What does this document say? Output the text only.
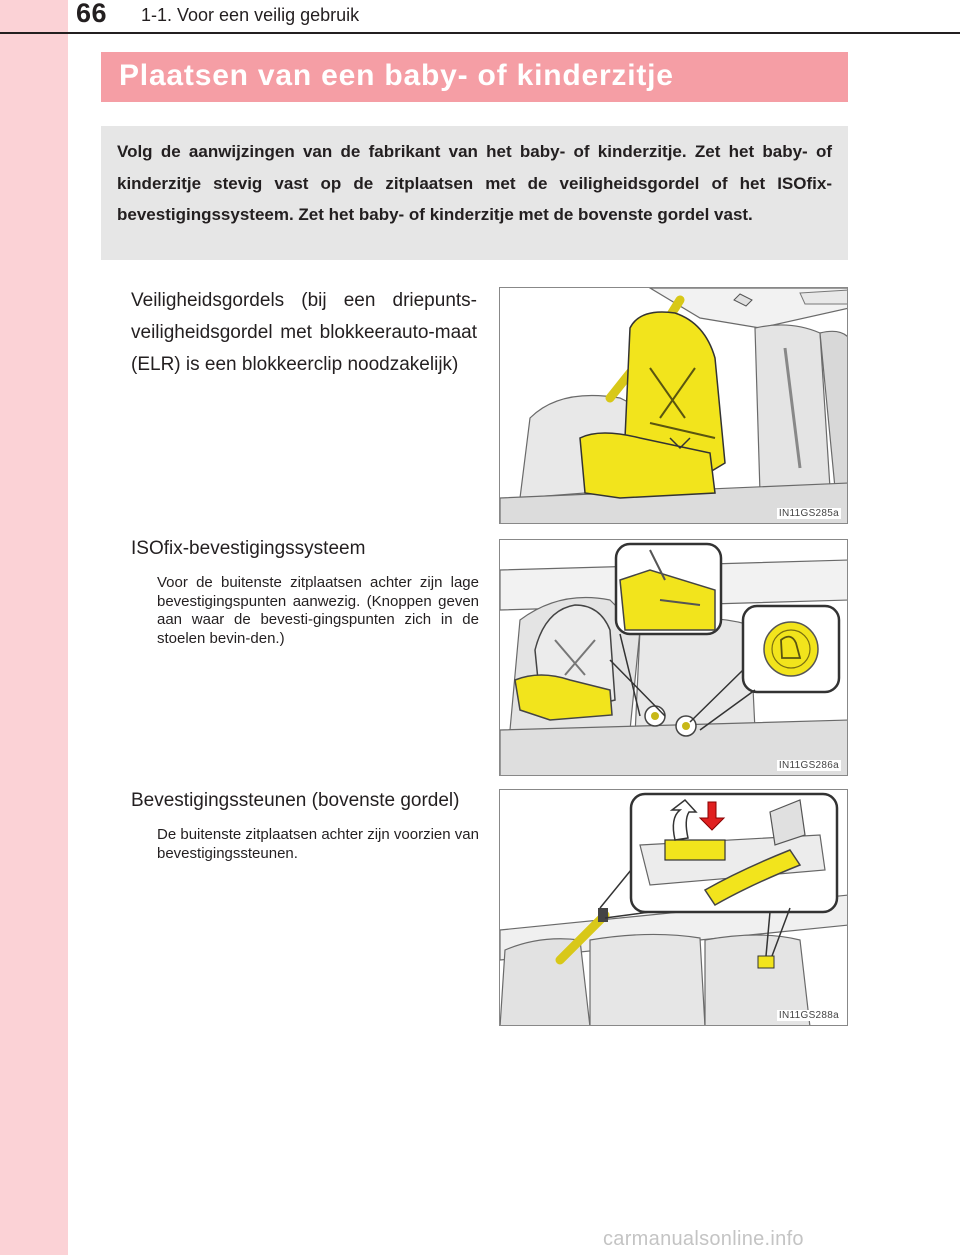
66 1-1. Voor een veilig gebruik
Plaatsen van een baby- of kinderzitje
Volg de aanwijzingen van de fabrikant van het baby- of kinderzitje. Zet het baby- of kinderzitje stevig vast op de zitplaatsen met de veiligheidsgordel of het ISOfix-bevestigingssysteem. Zet het baby- of kinderzitje met de bovenste gordel vast.
Veiligheidsgordels (bij een driepunts-veiligheidsgordel met blokkeerauto-maat (ELR) is een blokkeerclip noodzakelijk)
IN11GS285a
ISOfix-bevestigingssysteem
Voor de buitenste zitplaatsen achter zijn lage bevestigingspunten aanwezig. (Knoppen geven aan waar de bevesti-gingspunten zich in de stoelen bevin-den.)
IN11GS286a
Bevestigingssteunen (bovenste gordel)
De buitenste zitplaatsen achter zijn voorzien van bevestigingssteunen.
IN11GS288a
carmanualsonline.info
